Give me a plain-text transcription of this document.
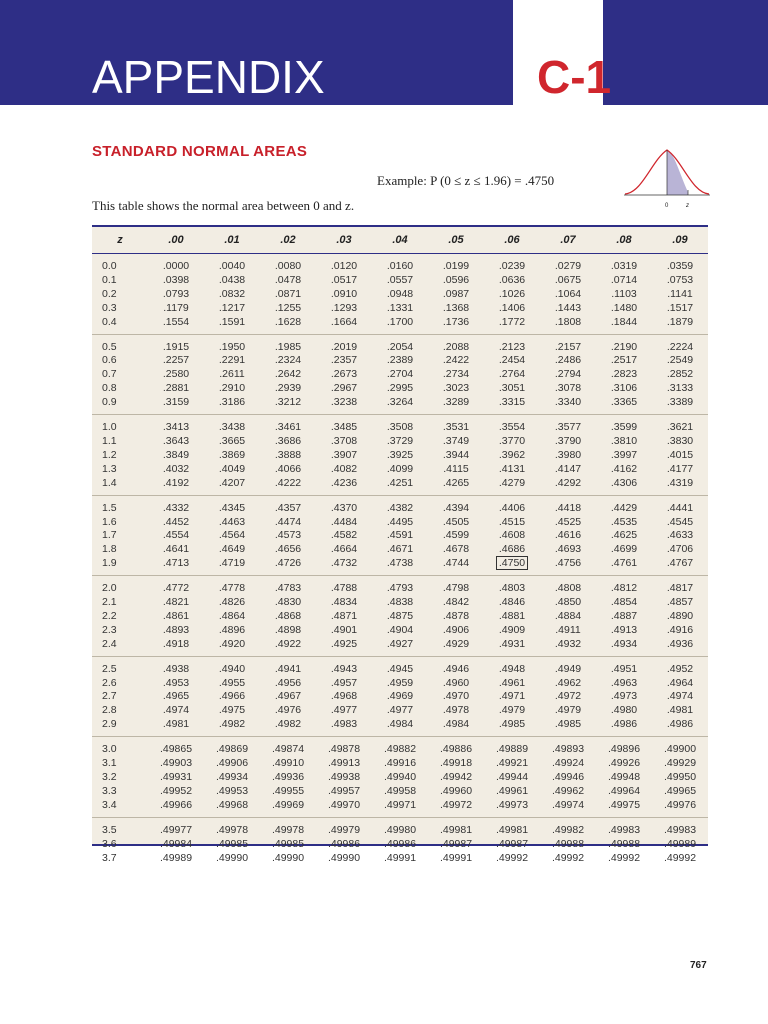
APPENDIX	C-1
STANDARD NORMAL AREAS
Example: P (0 ≤ z ≤ 1.96) = .4750
This table shows the normal area between 0 and z.	0	z
z	.00	.01	.02	.03	.04	.05	.06	.07	.08	.09
0.0	.0000	.0040	.0080	.0120	.0160	.0199	.0239	.0279	.0319	.0359
0.1	.0398	.0438	.0478	.0517	.0557	.0596	.0636	.0675	.0714	.0753
0.2	.0793	.0832	.0871	.0910	.0948	.0987	.1026	.1064	.1103	.1141
0.3	.1179	.1217	.1255	.1293	.1331	.1368	.1406	.1443	.1480	.1517
0.4	.1554	.1591	.1628	.1664	.1700	.1736	.1772	.1808	.1844	.1879

0.5	.1915	.1950	.1985	.2019	.2054	.2088	.2123	.2157	.2190	.2224
0.6	.2257	.2291	.2324	.2357	.2389	.2422	.2454	.2486	.2517	.2549
0.7	.2580	.2611	.2642	.2673	.2704	.2734	.2764	.2794	.2823	.2852
0.8	.2881	.2910	.2939	.2967	.2995	.3023	.3051	.3078	.3106	.3133
0.9	.3159	.3186	.3212	.3238	.3264	.3289	.3315	.3340	.3365	.3389

1.0	.3413	.3438	.3461	.3485	.3508	.3531	.3554	.3577	.3599	.3621
1.1	.3643	.3665	.3686	.3708	.3729	.3749	.3770	.3790	.3810	.3830
1.2	.3849	.3869	.3888	.3907	.3925	.3944	.3962	.3980	.3997	.4015
1.3	.4032	.4049	.4066	.4082	.4099	.4115	.4131	.4147	.4162	.4177
1.4	.4192	.4207	.4222	.4236	.4251	.4265	.4279	.4292	.4306	.4319

1.5	.4332	.4345	.4357	.4370	.4382	.4394	.4406	.4418	.4429	.4441
1.6	.4452	.4463	.4474	.4484	.4495	.4505	.4515	.4525	.4535	.4545
1.7	.4554	.4564	.4573	.4582	.4591	.4599	.4608	.4616	.4625	.4633
1.8	.4641	.4649	.4656	.4664	.4671	.4678	.4686	.4693	.4699	.4706
1.9	.4713	.4719	.4726	.4732	.4738	.4744	.4750	.4756	.4761	.4767

2.0	.4772	.4778	.4783	.4788	.4793	.4798	.4803	.4808	.4812	.4817
2.1	.4821	.4826	.4830	.4834	.4838	.4842	.4846	.4850	.4854	.4857
2.2	.4861	.4864	.4868	.4871	.4875	.4878	.4881	.4884	.4887	.4890
2.3	.4893	.4896	.4898	.4901	.4904	.4906	.4909	.4911	.4913	.4916
2.4	.4918	.4920	.4922	.4925	.4927	.4929	.4931	.4932	.4934	.4936

2.5	.4938	.4940	.4941	.4943	.4945	.4946	.4948	.4949	.4951	.4952
2.6	.4953	.4955	.4956	.4957	.4959	.4960	.4961	.4962	.4963	.4964
2.7	.4965	.4966	.4967	.4968	.4969	.4970	.4971	.4972	.4973	.4974
2.8	.4974	.4975	.4976	.4977	.4977	.4978	.4979	.4979	.4980	.4981
2.9	.4981	.4982	.4982	.4983	.4984	.4984	.4985	.4985	.4986	.4986

3.0	.49865	.49869	.49874	.49878	.49882	.49886	.49889	.49893	.49896	.49900
3.1	.49903	.49906	.49910	.49913	.49916	.49918	.49921	.49924	.49926	.49929
3.2	.49931	.49934	.49936	.49938	.49940	.49942	.49944	.49946	.49948	.49950
3.3	.49952	.49953	.49955	.49957	.49958	.49960	.49961	.49962	.49964	.49965
3.4	.49966	.49968	.49969	.49970	.49971	.49972	.49973	.49974	.49975	.49976

3.5	.49977	.49978	.49978	.49979	.49980	.49981	.49981	.49982	.49983	.49983
3.6	.49984	.49985	.49985	.49986	.49986	.49987	.49987	.49988	.49988	.49989
3.7	.49989	.49990	.49990	.49990	.49991	.49991	.49992	.49992	.49992	.49992
767
